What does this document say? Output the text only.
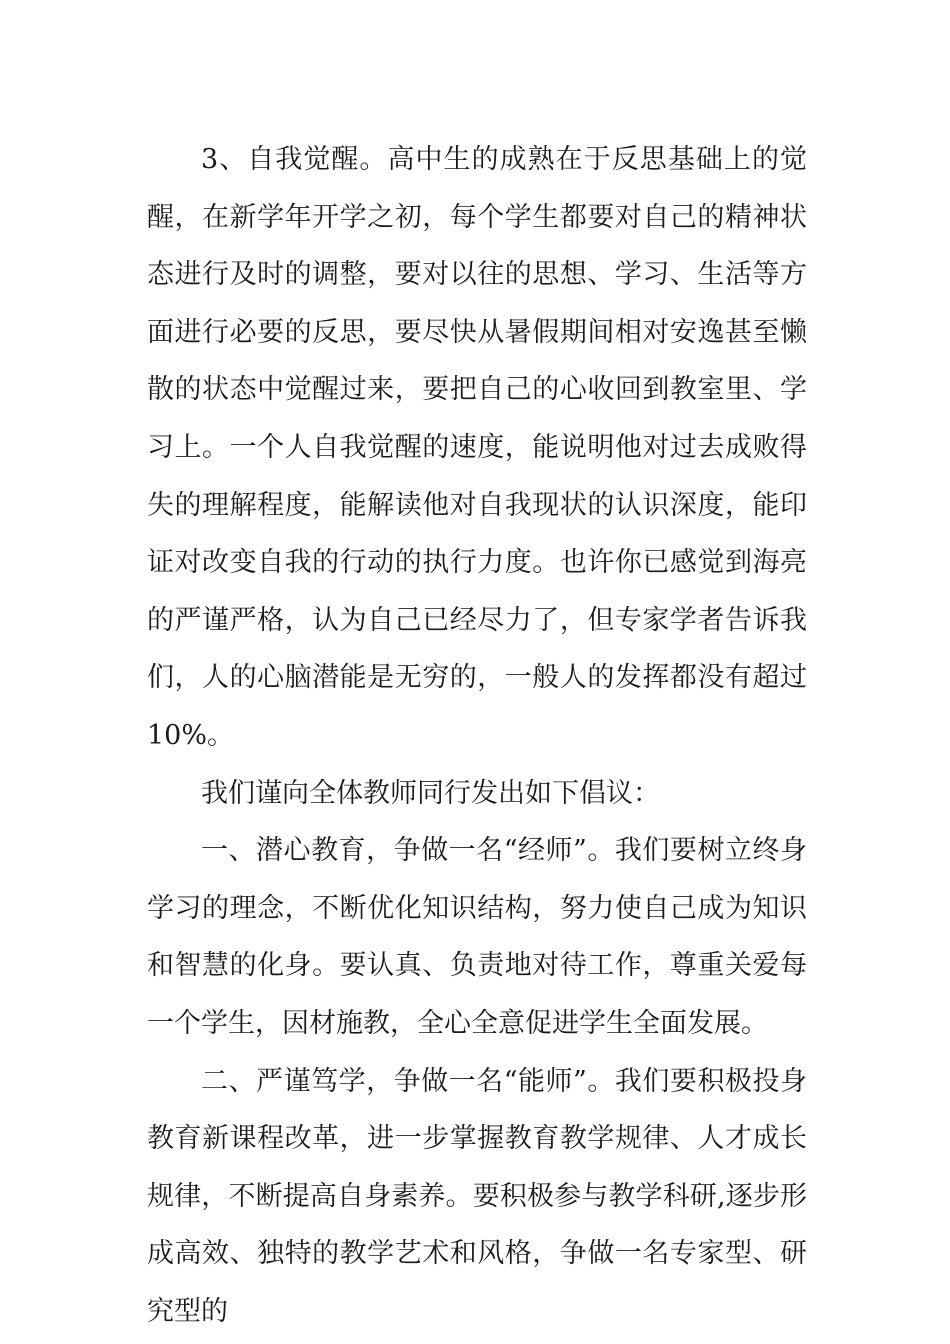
3、自我觉醒。高中生的成熟在于反思基础上的觉醒，在新学年开学之初，每个学生都要对自己的精神状态进行及时的调整，要对以往的思想、学习、生活等方面进行必要的反思，要尽快从暑假期间相对安逸甚至懒散的状态中觉醒过来，要把自己的心收回到教室里、学习上。一个人自我觉醒的速度，能说明他对过去成败得失的理解程度，能解读他对自我现状的认识深度，能印证对改变自我的行动的执行力度。也许你已感觉到海亮的严谨严格，认为自己已经尽力了，但专家学者告诉我们，人的心脑潜能是无穷的，一般人的发挥都没有超过10%。

我们谨向全体教师同行发出如下倡议：

一、潜心教育，争做一名“经师”。我们要树立终身学习的理念，不断优化知识结构，努力使自己成为知识和智慧的化身。要认真、负责地对待工作，尊重关爱每一个学生，因材施教，全心全意促进学生全面发展。

二、严谨笃学，争做一名“能师”。我们要积极投身教育新课程改革，进一步掌握教育教学规律、人才成长规律，不断提高自身素养。要积极参与教学科研,逐步形成高效、独特的教学艺术和风格，争做一名专家型、研究型的
